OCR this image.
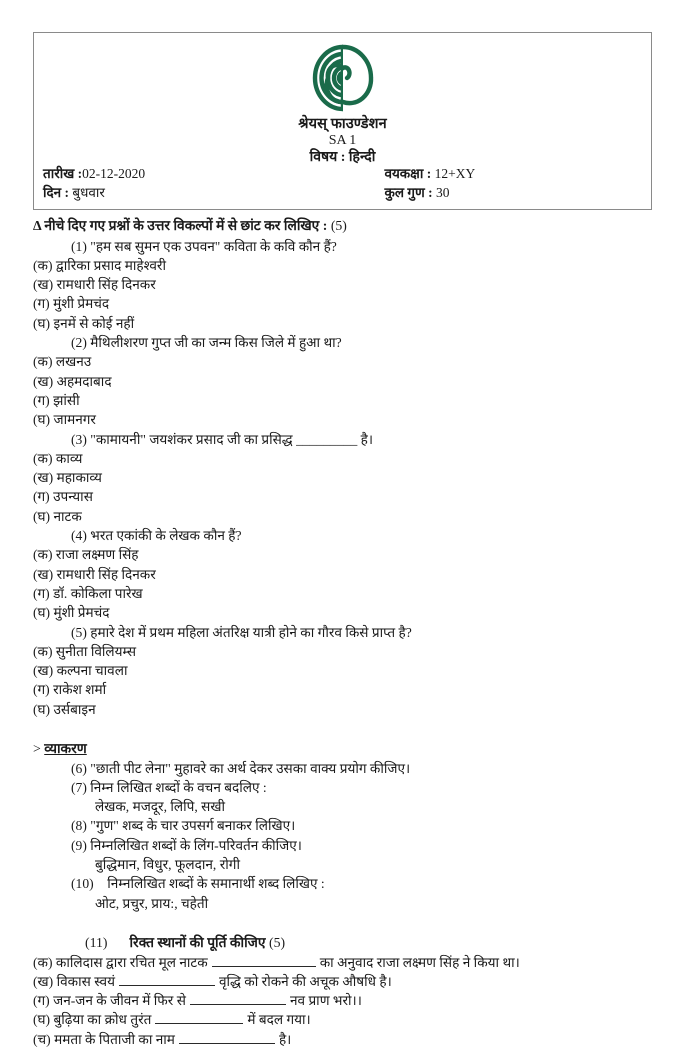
श्रेयस् फाउण्डेशन
SA 1
विषय : हिन्दी
तारीख :02-12-2020	वयकक्षा : 12+XY
दिन : बुधवार	कुल गुण : 30

Δ नीचे दिए गए प्रश्नों के उत्तर विकल्पों में से छांट कर लिखिए : (5)

(1) "हम सब सुमन एक उपवन" कविता के कवि कौन हैं?

(क) द्वारिका प्रसाद माहेश्वरी

(ख) रामधारी सिंह दिनकर

(ग) मुंशी प्रेमचंद

(घ) इनमें से कोई नहीं

(2) मैथिलीशरण गुप्त जी का जन्म किस जिले में हुआ था?

(क) लखनउ

(ख) अहमदाबाद

(ग) झांसी

(घ) जामनगर

(3) "कामायनी" जयशंकर प्रसाद जी का प्रसिद्ध _________ है।

(क) काव्य

(ख) महाकाव्य

(ग) उपन्यास

(घ) नाटक

(4) भरत एकांकी के लेखक कौन हैं?

(क) राजा लक्ष्मण सिंह

(ख) रामधारी सिंह दिनकर

(ग) डॉ. कोकिला पारेख

(घ) मुंशी प्रेमचंद

(5) हमारे देश में प्रथम महिला अंतरिक्ष यात्री होने का गौरव किसे प्राप्त है?

(क) सुनीता विलियम्स

(ख) कल्पना चावला

(ग) राकेश शर्मा

(घ) उर्सबाइन

> व्याकरण

(6) "छाती पीट लेना" मुहावरे का अर्थ देकर उसका वाक्य प्रयोग कीजिए।

(7) निम्न लिखित शब्दों के वचन बदलिए :

लेखक, मजदूर, लिपि, सखी

(8) "गुण" शब्द के चार उपसर्ग बनाकर लिखिए।

(9) निम्नलिखित शब्दों के लिंग-परिवर्तन कीजिए।

बुद्धिमान, विधुर, फूलदान, रोगी

(10) निम्नलिखित शब्दों के समानार्थी शब्द लिखिए :

ओट, प्रचुर, प्राय:, चहेती

(11) रिक्त स्थानों की पूर्ति कीजिए (5)

(क) कालिदास द्वारा रचित मूल नाटक	का अनुवाद राजा लक्ष्मण सिंह ने किया था।

(ख) विकास स्वयं	वृद्धि को रोकने की अचूक औषधि है।

(ग) जन-जन के जीवन में फिर से	नव प्राण भरो।।

(घ) बुढ़िया का क्रोध तुरंत	में बदल गया।

(च) ममता के पिताजी का नाम	है।
